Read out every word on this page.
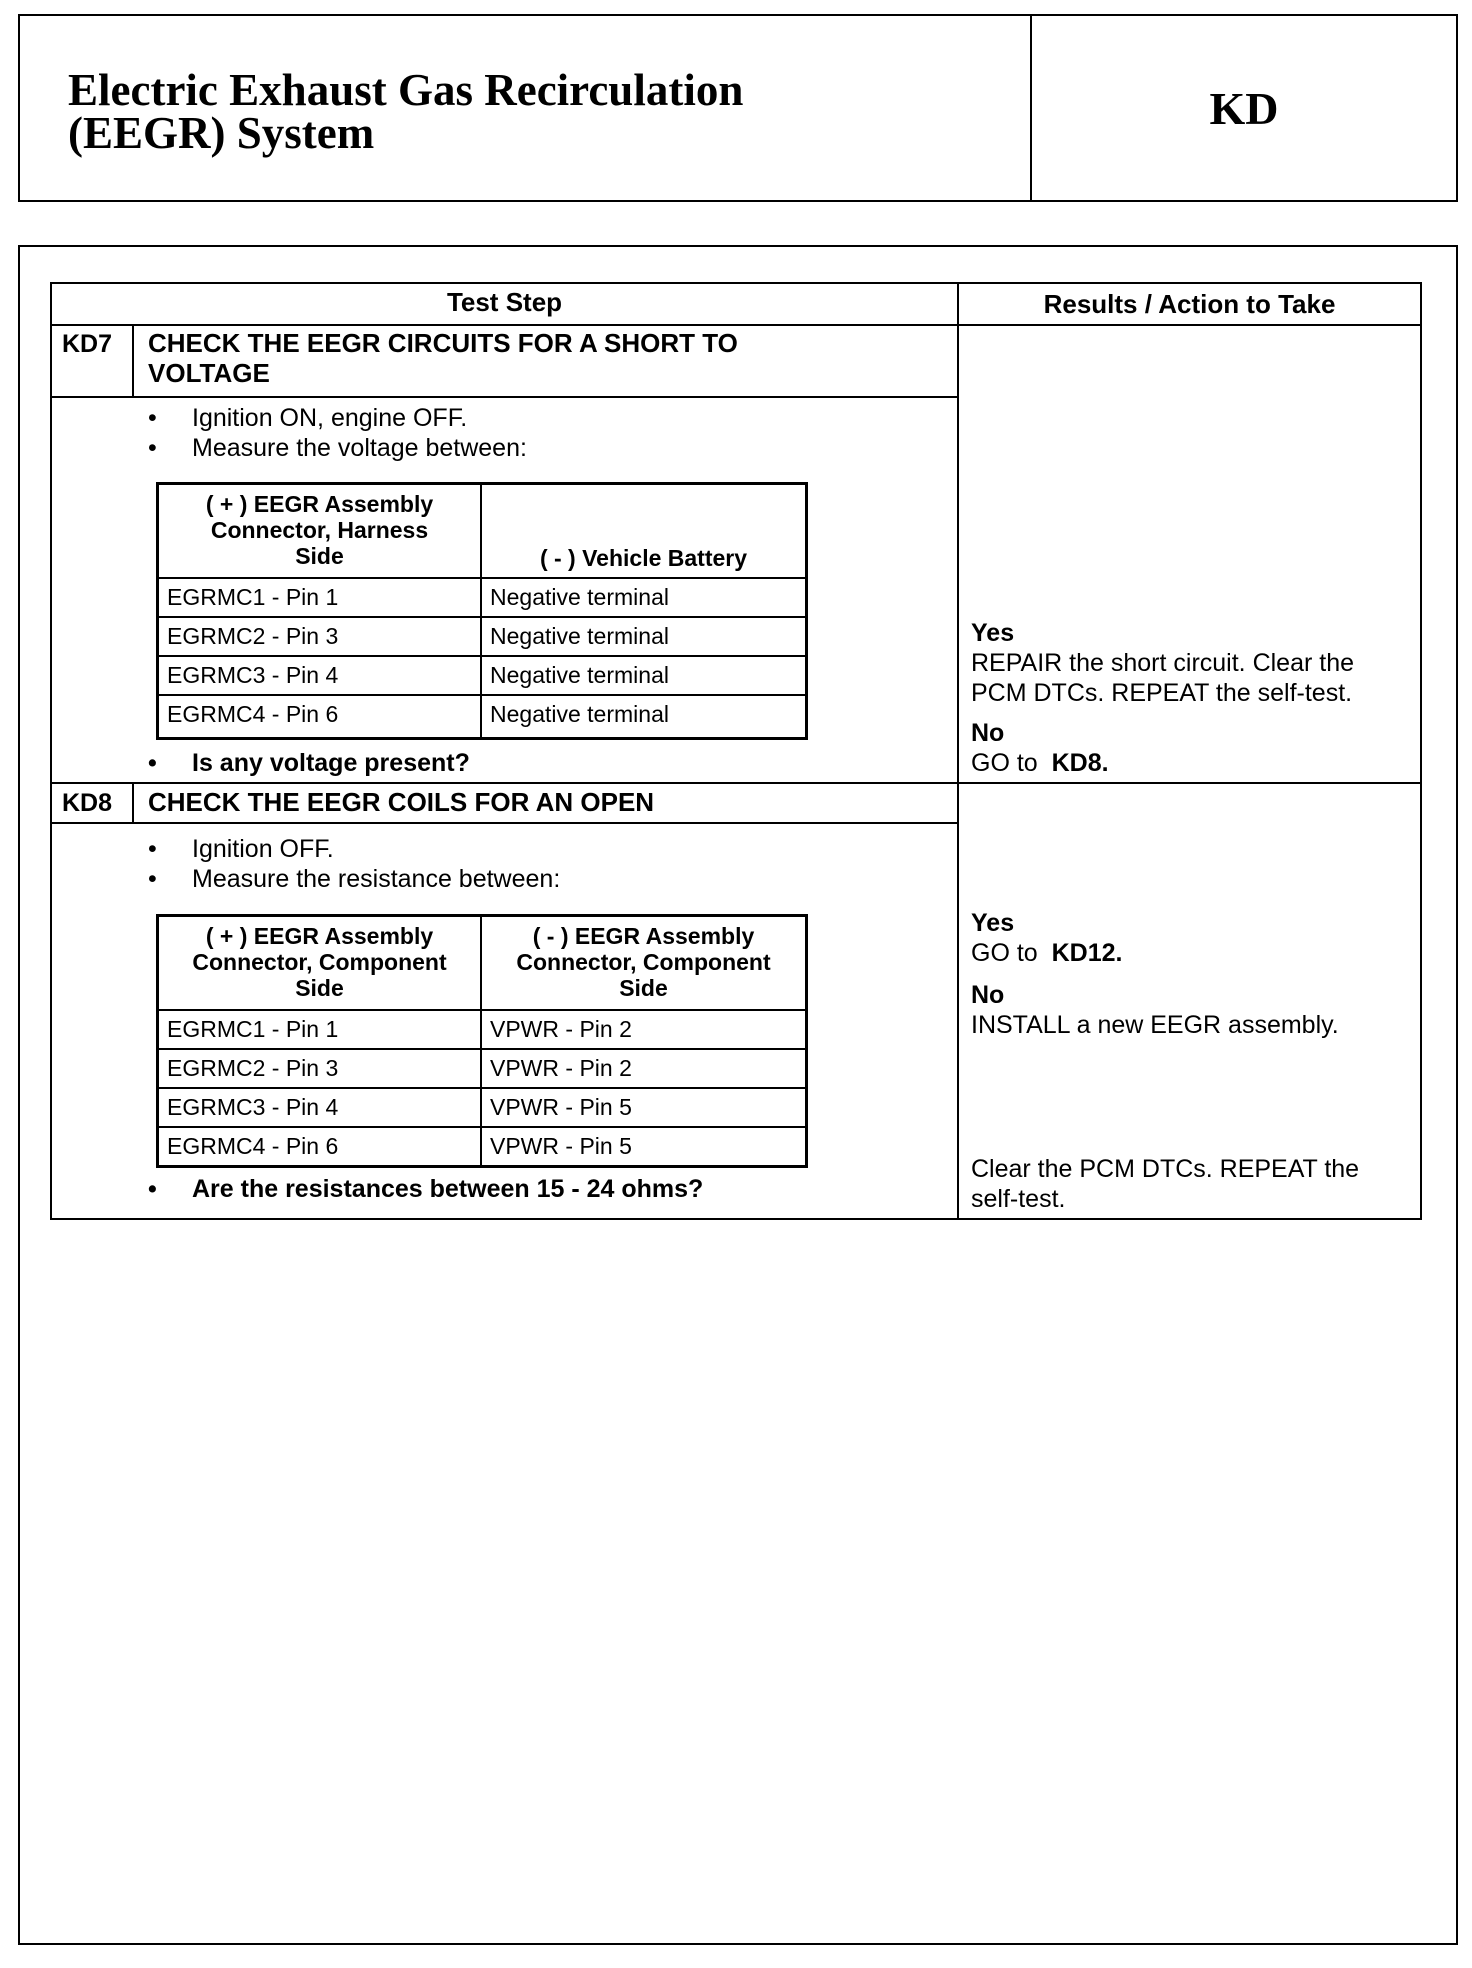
Electric Exhaust Gas Recirculation
(EEGR) System	KD
Test Step	Results / Action to Take
KD7 CHECK THE EEGR CIRCUITS FOR A SHORT TO
VOLTAGE
• Ignition ON, engine OFF.
• Measure the voltage between:
( + ) EEGR Assembly
Connector, Harness
Side	( - ) Vehicle Battery
EGRMC1 - Pin 1	Negative terminal
EGRMC2 - Pin 3	Negative terminal
EGRMC3 - Pin 4	Negative terminal
EGRMC4 - Pin 6	Negative terminal
• Is any voltage present?
Yes
REPAIR the short circuit. Clear the
PCM DTCs. REPEAT the self-test.
No
GO to KD8.
KD8 CHECK THE EEGR COILS FOR AN OPEN
• Ignition OFF.
• Measure the resistance between:
( + ) EEGR Assembly
Connector, Component
Side
( - ) EEGR Assembly
Connector, Component
Side
EGRMC1 - Pin 1	VPWR - Pin 2
EGRMC2 - Pin 3	VPWR - Pin 2
EGRMC3 - Pin 4	VPWR - Pin 5
EGRMC4 - Pin 6	VPWR - Pin 5
• Are the resistances between 15 - 24 ohms?
Yes
GO to KD12.
No
INSTALL a new EEGR assembly.
Clear the PCM DTCs. REPEAT the
self-test.
